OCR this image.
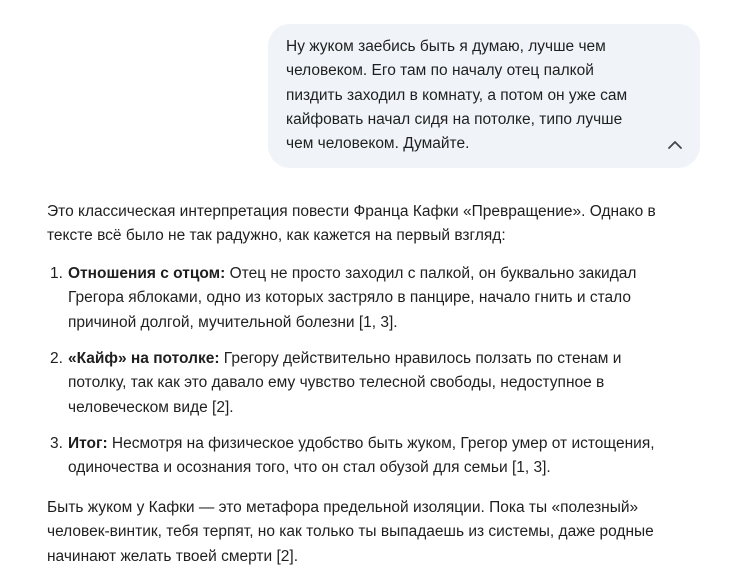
Ну жуком заебись быть я думаю, лучше чем
человеком. Его там по началу отец палкой
пиздить заходил в комнату, а потом он уже сам
кайфовать начал сидя на потолке, типо лучше
чем человеком. Думайте.

Это классическая интерпретация повести Франца Кафки «Превращение». Однако в
тексте всё было не так радужно, как кажется на первый взгляд:

1. Отношения с отцом: Отец не просто заходил с палкой, он буквально закидал
Грегора яблоками, одно из которых застряло в панцире, начало гнить и стало
причиной долгой, мучительной болезни [1, 3].
2. «Кайф» на потолке: Грегору действительно нравилось ползать по стенам и
потолку, так как это давало ему чувство телесной свободы, недоступное в
человеческом виде [2].
3. Итог: Несмотря на физическое удобство быть жуком, Грегор умер от истощения,
одиночества и осознания того, что он стал обузой для семьи [1, 3].

Быть жуком у Кафки — это метафора предельной изоляции. Пока ты «полезный»
человек-винтик, тебя терпят, но как только ты выпадаешь из системы, даже родные
начинают желать твоей смерти [2].
